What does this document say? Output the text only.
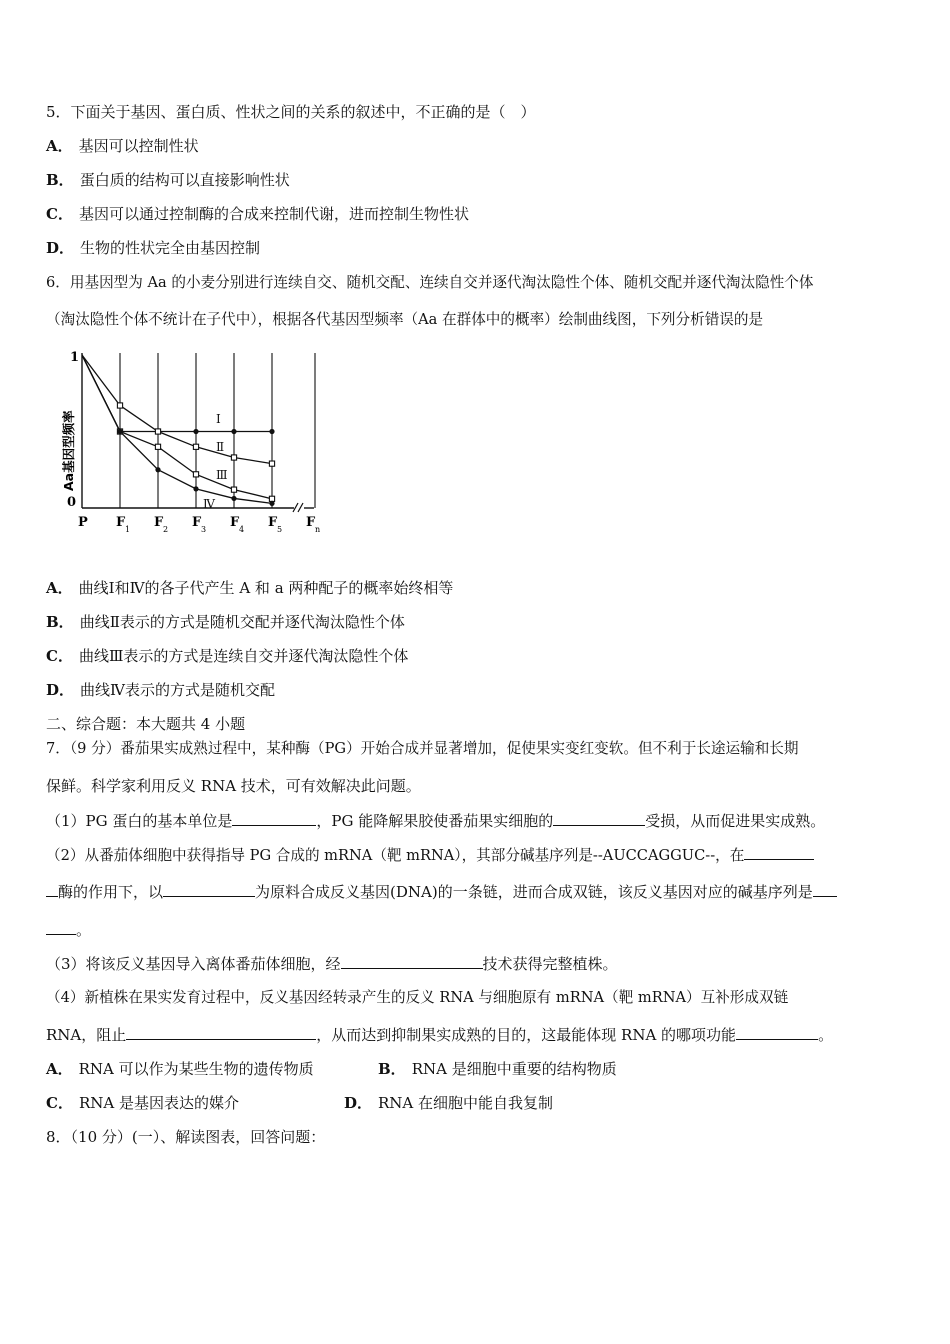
5．下面关于基因、蛋白质、性状之间的关系的叙述中，不正确的是（　）
A． 基因可以控制性状
B． 蛋白质的结构可以直接影响性状
C． 基因可以通过控制酶的合成来控制代谢，进而控制生物性状
D． 生物的性状完全由基因控制
6．用基因型为 Aa 的小麦分别进行连续自交、随机交配、连续自交并逐代淘汰隐性个体、随机交配并逐代淘汰隐性个体
（淘汰隐性个体不统计在子代中），根据各代基因型频率（Aa 在群体中的概率）绘制曲线图，下列分析错误的是
Ⅰ
Ⅱ
Ⅲ
Ⅳ
1
0
Aa基因型频率
P F 1 F 2 F 3 F 4 F 5 F n
A． 曲线Ⅰ和Ⅳ的各子代产生 A 和 a 两种配子的概率始终相等
B． 曲线Ⅱ表示的方式是随机交配并逐代淘汰隐性个体
C． 曲线Ⅲ表示的方式是连续自交并逐代淘汰隐性个体
D． 曲线Ⅳ表示的方式是随机交配
二、综合题：本大题共 4 小题
7．（9 分）番茄果实成熟过程中，某种酶（PG）开始合成并显著增加，促使果实变红变软。但不利于长途运输和长期
保鲜。科学家利用反义 RNA 技术，可有效解决此问题。
（1）PG 蛋白的基本单位是	，PG 能降解果胶使番茄果实细胞的	受损，从而促进果实成熟。
（2）从番茄体细胞中获得指导 PG 合成的 mRNA（靶 mRNA），其部分碱基序列是--AUCCAGGUC--，在
酶的作用下，以	为原料合成反义基因(DNA)的一条链，进而合成双链，该反义基因对应的碱基序列是
。
（3）将该反义基因导入离体番茄体细胞，经	技术获得完整植株。
（4）新植株在果实发育过程中，反义基因经转录产生的反义 RNA 与细胞原有 mRNA（靶 mRNA）互补形成双链
RNA，阻止	，从而达到抑制果实成熟的目的，这最能体现 RNA 的哪项功能	。
A． RNA 可以作为某些生物的遗传物质	B． RNA 是细胞中重要的结构物质
C． RNA 是基因表达的媒介	D． RNA 在细胞中能自我复制
8．（10 分）(一）、解读图表，回答问题：
